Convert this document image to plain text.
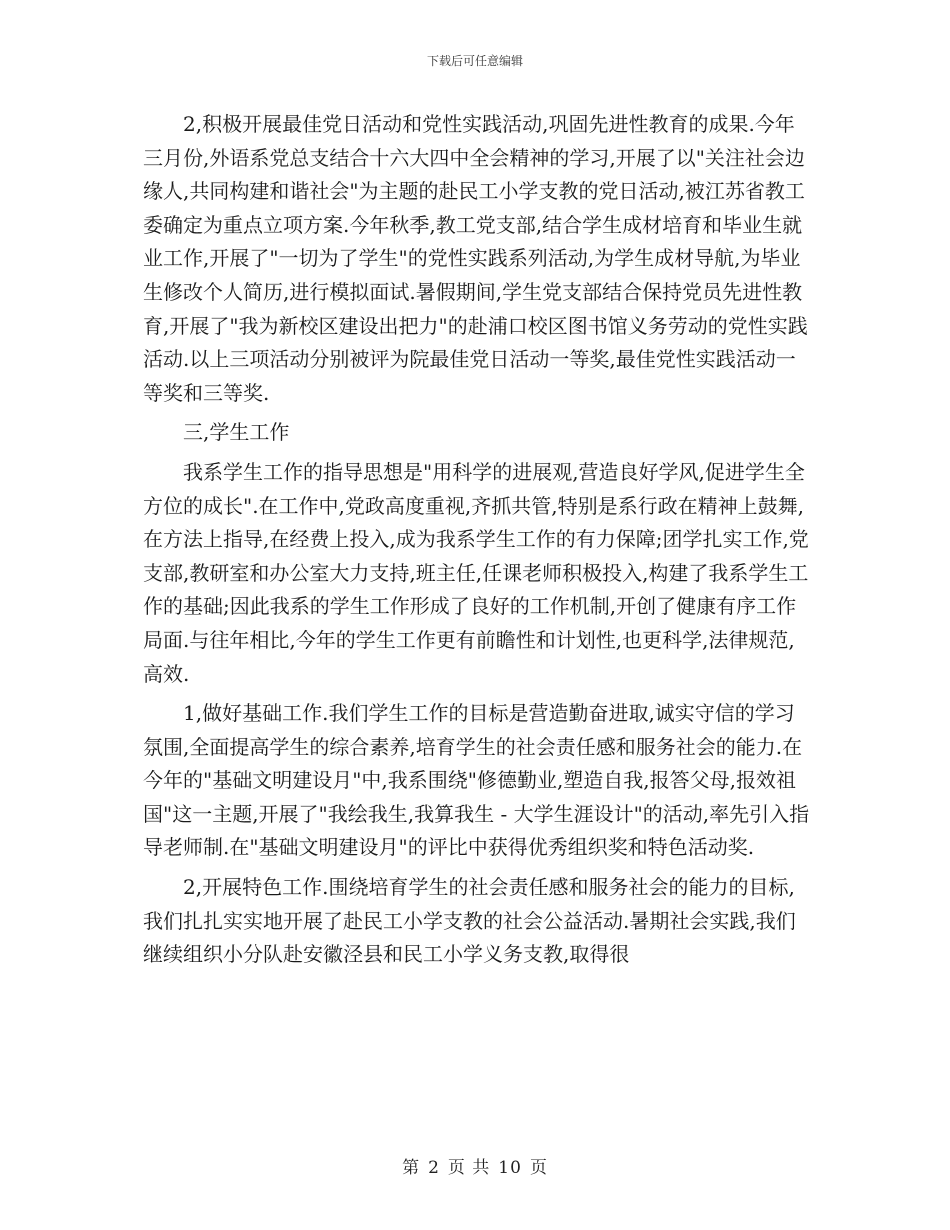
下载后可任意编辑

2,积极开展最佳党日活动和党性实践活动,巩固先进性教育的成果.今年三月份,外语系党总支结合十六大四中全会精神的学习,开展了以"关注社会边缘人,共同构建和谐社会"为主题的赴民工小学支教的党日活动,被江苏省教工委确定为重点立项方案.今年秋季,教工党支部,结合学生成材培育和毕业生就业工作,开展了"一切为了学生"的党性实践系列活动,为学生成材导航,为毕业生修改个人简历,进行模拟面试.暑假期间,学生党支部结合保持党员先进性教育,开展了"我为新校区建设出把力"的赴浦口校区图书馆义务劳动的党性实践活动.以上三项活动分别被评为院最佳党日活动一等奖,最佳党性实践活动一等奖和三等奖.

三,学生工作

我系学生工作的指导思想是"用科学的进展观,营造良好学风,促进学生全方位的成长".在工作中,党政高度重视,齐抓共管,特别是系行政在精神上鼓舞,在方法上指导,在经费上投入,成为我系学生工作的有力保障;团学扎实工作,党支部,教研室和办公室大力支持,班主任,任课老师积极投入,构建了我系学生工作的基础;因此我系的学生工作形成了良好的工作机制,开创了健康有序工作局面.与往年相比,今年的学生工作更有前瞻性和计划性,也更科学,法律规范,高效.

1,做好基础工作.我们学生工作的目标是营造勤奋进取,诚实守信的学习氛围,全面提高学生的综合素养,培育学生的社会责任感和服务社会的能力.在今年的"基础文明建设月"中,我系围绕"修德勤业,塑造自我,报答父母,报效祖国"这一主题,开展了"我绘我生,我算我生 - 大学生涯设计"的活动,率先引入指导老师制.在"基础文明建设月"的评比中获得优秀组织奖和特色活动奖.

2,开展特色工作.围绕培育学生的社会责任感和服务社会的能力的目标,我们扎扎实实地开展了赴民工小学支教的社会公益活动.暑期社会实践,我们继续组织小分队赴安徽泾县和民工小学义务支教,取得很

第 2 页 共 10 页
